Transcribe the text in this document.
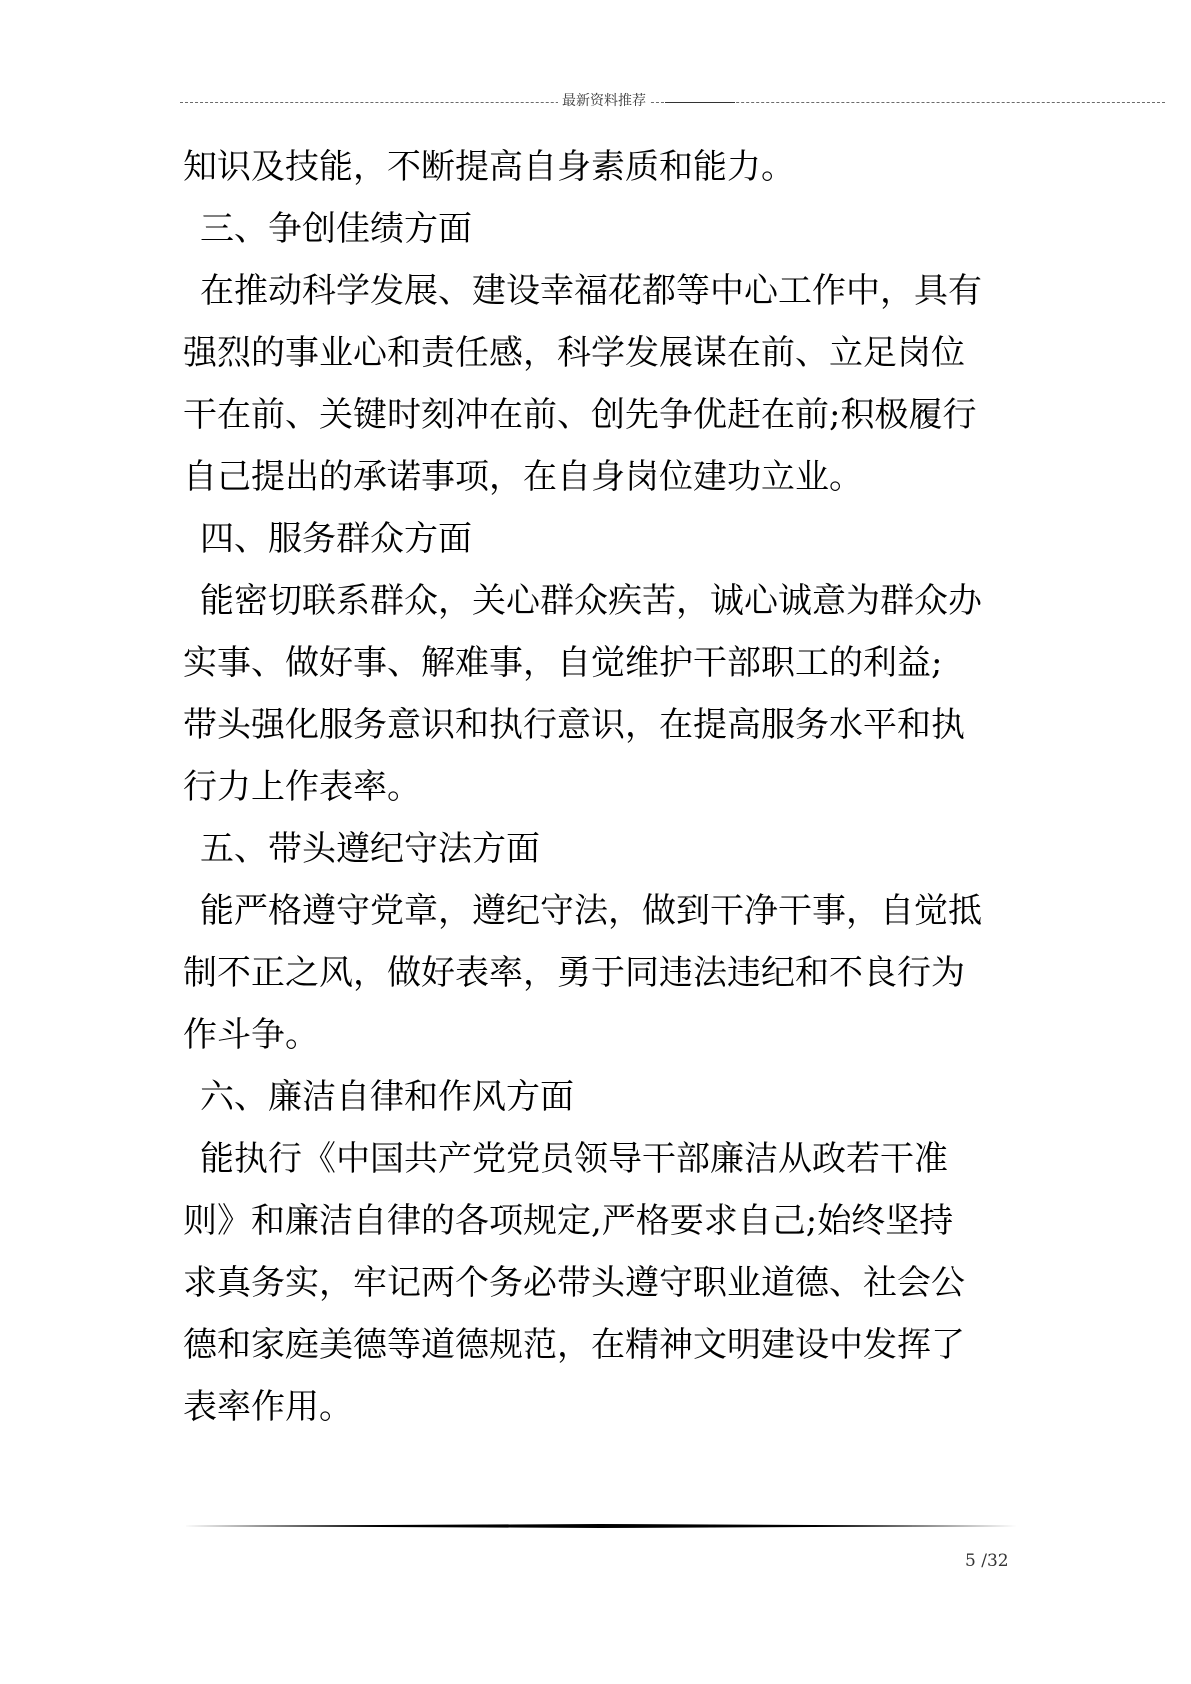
最新资料推荐
知识及技能，不断提高自身素质和能力。
三、争创佳绩方面
在推动科学发展、建设幸福花都等中心工作中，具有
强烈的事业心和责任感，科学发展谋在前、立足岗位
干在前、关键时刻冲在前、创先争优赶在前;积极履行
自己提出的承诺事项，在自身岗位建功立业。
四、服务群众方面
能密切联系群众，关心群众疾苦，诚心诚意为群众办
实事、做好事、解难事，自觉维护干部职工的利益;
带头强化服务意识和执行意识，在提高服务水平和执
行力上作表率。
五、带头遵纪守法方面
能严格遵守党章，遵纪守法，做到干净干事，自觉抵
制不正之风，做好表率，勇于同违法违纪和不良行为
作斗争。
六、廉洁自律和作风方面
能执行《中国共产党党员领导干部廉洁从政若干准
则》和廉洁自律的各项规定,严格要求自己;始终坚持
求真务实，牢记两个务必带头遵守职业道德、社会公
德和家庭美德等道德规范，在精神文明建设中发挥了
表率作用。
5 /32
